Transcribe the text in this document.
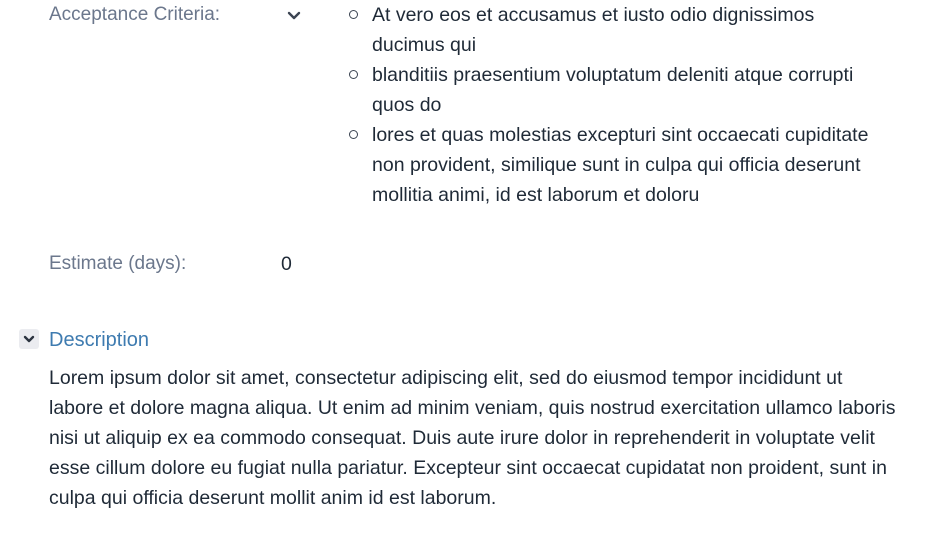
Acceptance Criteria:	At vero eos et accusamus et iusto odio dignissimos ducimus qui
blanditiis praesentium voluptatum deleniti atque corrupti quos do
lores et quas molestias excepturi sint occaecati cupiditate non provident, similique sunt in culpa qui officia deserunt mollitia animi, id est laborum et doloru
Estimate (days):	0
Description

Lorem ipsum dolor sit amet, consectetur adipiscing elit, sed do eiusmod tempor incididunt ut labore et dolore magna aliqua. Ut enim ad minim veniam, quis nostrud exercitation ullamco laboris nisi ut aliquip ex ea commodo consequat. Duis aute irure dolor in reprehenderit in voluptate velit esse cillum dolore eu fugiat nulla pariatur. Excepteur sint occaecat cupidatat non proident, sunt in culpa qui officia deserunt mollit anim id est laborum.
